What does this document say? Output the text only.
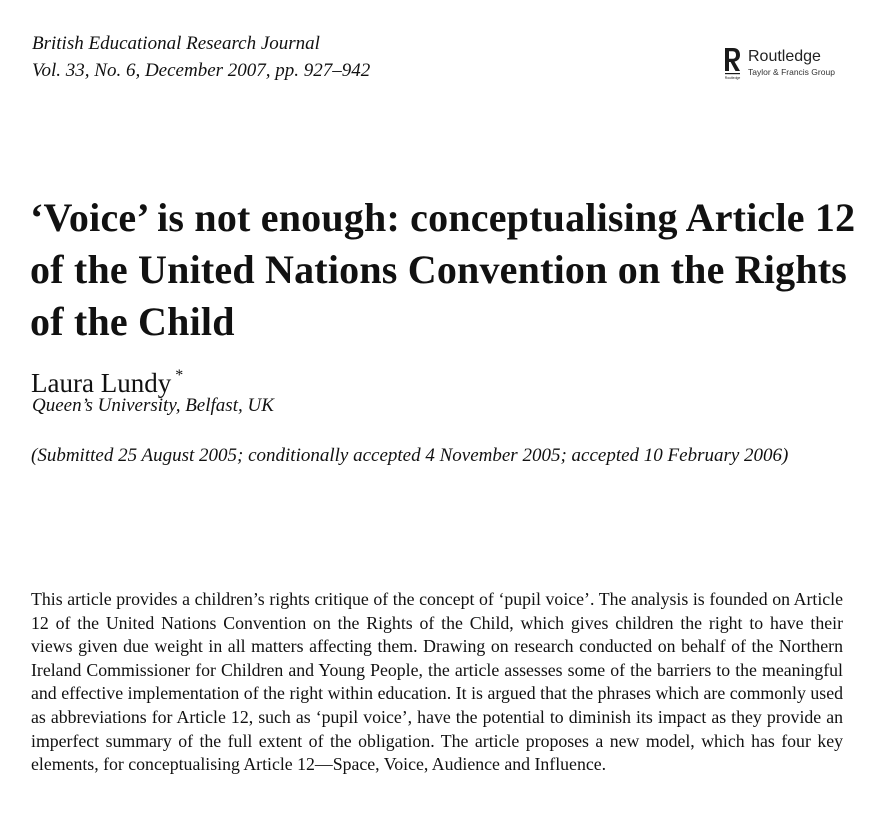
British Educational Research Journal
Vol. 33, No. 6, December 2007, pp. 927–942	Routledge
Routledge
Taylor & Francis Group
‘Voice’ is not enough: conceptualising Article 12 of the United Nations Convention on the Rights of the Child
Laura Lundy *
Queen’s University, Belfast, UK
(Submitted 25 August 2005; conditionally accepted 4 November 2005; accepted 10 February 2006)

This article provides a children’s rights critique of the concept of ‘pupil voice’. The analysis is founded on Article 12 of the United Nations Convention on the Rights of the Child, which gives children the right to have their views given due weight in all matters affecting them. Drawing on research conducted on behalf of the Northern Ireland Commissioner for Children and Young People, the article assesses some of the barriers to the meaningful and effective implementation of the right within education. It is argued that the phrases which are commonly used as abbreviations for Article 12, such as ‘pupil voice’, have the potential to diminish its impact as they provide an imperfect summary of the full extent of the obligation. The article proposes a new model, which has four key elements, for conceptualising Article 12—Space, Voice, Audience and Influence.
